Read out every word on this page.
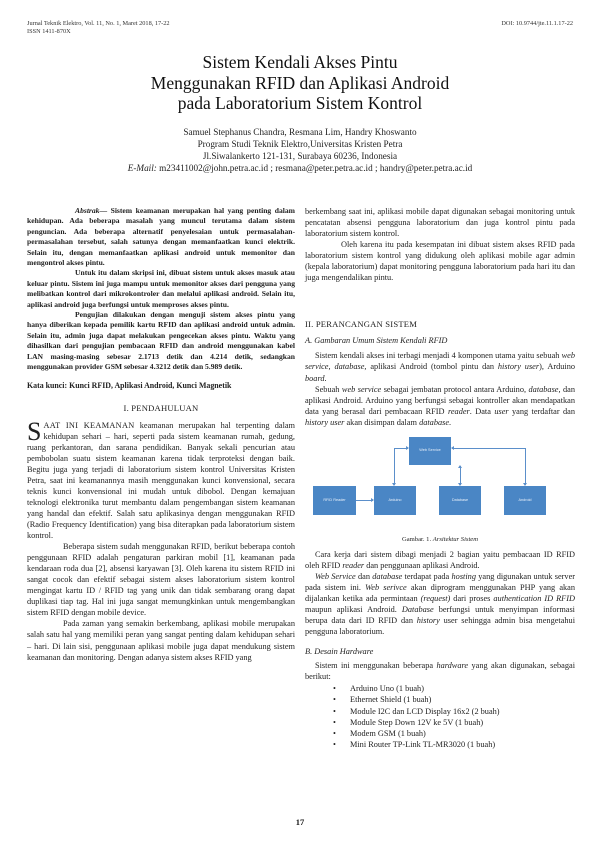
Jurnal Teknik Elektro, Vol. 11, No. 1, Maret 2018, 17-22
ISSN 1411-870X
DOI: 10.9744/jte.11.1.17-22
Sistem Kendali Akses Pintu
Menggunakan RFID dan Aplikasi Android
pada Laboratorium Sistem Kontrol
Samuel Stephanus Chandra, Resmana Lim, Handry Khoswanto
Program Studi Teknik Elektro,Universitas Kristen Petra
Jl.Siwalankerto 121-131, Surabaya 60236, Indonesia
E-Mail: m23411002@john.petra.ac.id ; resmana@peter.petra.ac.id ; handry@peter.petra.ac.id

Abstrak— Sistem keamanan merupakan hal yang penting dalam kehidupan. Ada beberapa masalah yang muncul terutama dalam sistem penguncian. Ada beberapa alternatif penyelesaian untuk permasalahan-permasalahan tersebut, salah satunya dengan memanfaatkan kunci elektrik. Selain itu, dengan memanfaatkan aplikasi android untuk memonitor dan mengontrol akses pintu.

Untuk itu dalam skripsi ini, dibuat sistem untuk akses masuk atau keluar pintu. Sistem ini juga mampu untuk memonitor akses dari pengguna yang melibatkan kontrol dari mikrokontroler dan melalui aplikasi android. Selain itu, aplikasi android juga berfungsi untuk memproses akses pintu.

Pengujian dilakukan dengan menguji sistem akses pintu yang hanya diberikan kepada pemilik kartu RFID dan aplikasi android untuk admin. Selain itu, admin juga dapat melakukan pengecekan akses pintu. Waktu yang dihasilkan dari pengujian pembacaan RFID dan android menggunakan kabel LAN masing-masing sebesar 2.1713 detik dan 4.214 detik, sedangkan menggunakan provider GSM sebesar 4.3212 detik dan 5.989 detik.

Kata kunci: Kunci RFID, Aplikasi Android, Kunci Magnetik

I. PENDAHULUAN

SAAT INI KEAMANAN keamanan merupakan hal terpenting dalam kehidupan sehari – hari, seperti pada sistem keamanan rumah, gedung, ruang perkantoran, dan sarana pendidikan. Banyak sekali pencurian atau pembobolan suatu sistem keamanan karena tidak terproteksi dengan baik. Begitu juga yang terjadi di laboratorium sistem kontrol Universitas Kristen Petra, saat ini keamanannya masih menggunakan kunci konvensional, secara teknis kunci konvensional ini mudah untuk dibobol. Dengan kemajuan teknologi elektronika turut membantu dalam pengembangan sistem keamanan yang handal dan efektif. Salah satu aplikasinya dengan menggunakan RFID (Radio Frequency Identification) yang bisa diterapkan pada laboratorium sistem kontrol.

Beberapa sistem sudah menggunakan RFID, berikut beberapa contoh penggunaan RFID adalah pengaturan parkiran mobil [1], keamanan pada kendaraan roda dua [2], absensi karyawan [3]. Oleh karena itu sistem RFID ini sangat cocok dan efektif sebagai sistem akses laboratorium sistem kontrol mengingat kartu ID / RFID tag yang unik dan tidak sembarang orang dapat duplikasi tiap tag. Hal ini juga sangat memungkinkan untuk mengembangkan sistem RFID dengan mobile device.

Pada zaman yang semakin berkembang, aplikasi mobile merupakan salah satu hal yang memiliki peran yang sangat penting dalam kehidupan sehari – hari. Di lain sisi, penggunaan aplikasi mobile juga dapat mendukung sistem keamanan dan monitoring. Dengan adanya sistem akses RFID yang

berkembang saat ini, aplikasi mobile dapat digunakan sebagai monitoring untuk pencatatan absensi pengguna laboratorium dan juga kontrol pintu pada laboratorium sistem kontrol.

Oleh karena itu pada kesempatan ini dibuat sistem akses RFID pada laboratorium sistem kontrol yang didukung oleh aplikasi mobile agar admin (kepala laboratorium) dapat monitoring pengguna laboratorium pada hari itu dan juga mengendalikan pintu.

II. PERANCANGAN SISTEM
A. Gambaran Umum Sistem Kendali RFID

Sistem kendali akses ini terbagi menjadi 4 komponen utama yaitu sebuah web service, database, aplikasi Android (tombol pintu dan history user), Arduino board.

Sebuah web service sebagai jembatan protocol antara Arduino, database, dan aplikasi Android. Arduino yang berfungsi sebagai kontroller akan mendapatkan data yang berasal dari pembacaan RFID reader. Data user yang terdaftar dan history user akan disimpan dalam database.

Web Service
RFID Reader	Arduino	Database	Android
Gambar. 1. Arsitektur Sistem

Cara kerja dari sistem dibagi menjadi 2 bagian yaitu pembacaan ID RFID oleh RFID reader dan penggunaan aplikasi Android.

Web Service dan database terdapat pada hosting yang digunakan untuk server pada sistem ini. Web serivce akan diprogram menggunakan PHP yang akan dijalankan ketika ada permintaan (request) dari proses authentication ID RFID maupun aplikasi Android. Database berfungsi untuk menyimpan informasi berupa data dari ID RFID dan history user sehingga admin bisa mengetahui pengguna laboratorium.

B. Desain Hardware

Sistem ini menggunakan beberapa hardware yang akan digunakan, sebagai berikut:

• Arduino Uno (1 buah)
• Ethernet Shield (1 buah)
• Module I2C dan LCD Display 16x2 (2 buah)
• Module Step Down 12V ke 5V (1 buah)
• Modem GSM (1 buah)
• Mini Router TP-Link TL-MR3020 (1 buah)
17
